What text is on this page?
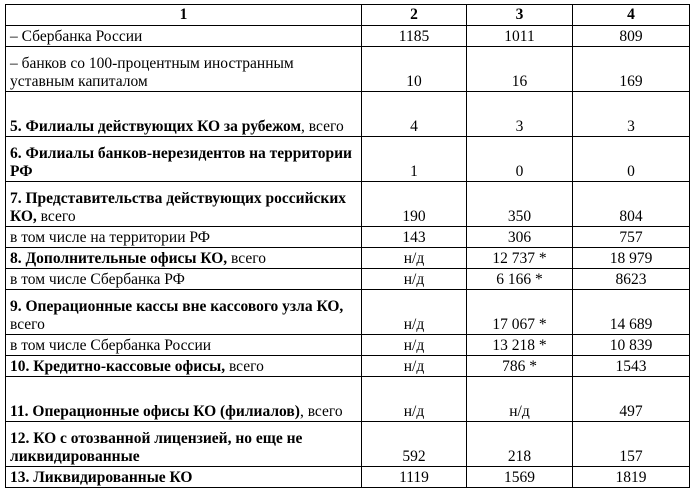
1	2	3	4
– Сбербанка России	1185	1011	809
– банков со 100-процентным иностранным уставным капиталом	10	16	169
5. Филиалы действующих КО за рубежом, всего	4	3	3
6. Филиалы банков-нерезидентов на территории РФ	1	0	0
7. Представительства действующих российских КО, всего	190	350	804
в том числе на территории РФ	143	306	757
8. Дополнительные офисы КО, всего	н/д	12 737 *	18 979
в том числе Сбербанка РФ	н/д	6 166 *	8623
9. Операционные кассы вне кассового узла КО, всего	н/д	17 067 *	14 689
в том числе Сбербанка России	н/д	13 218 *	10 839
10. Кредитно-кассовые офисы, всего	н/д	786 *	1543
11. Операционные офисы КО (филиалов), всего	н/д	н/д	497
12. КО с отозванной лицензией, но еще не ликвидированные	592	218	157
13. Ликвидированные КО	1119	1569	1819
